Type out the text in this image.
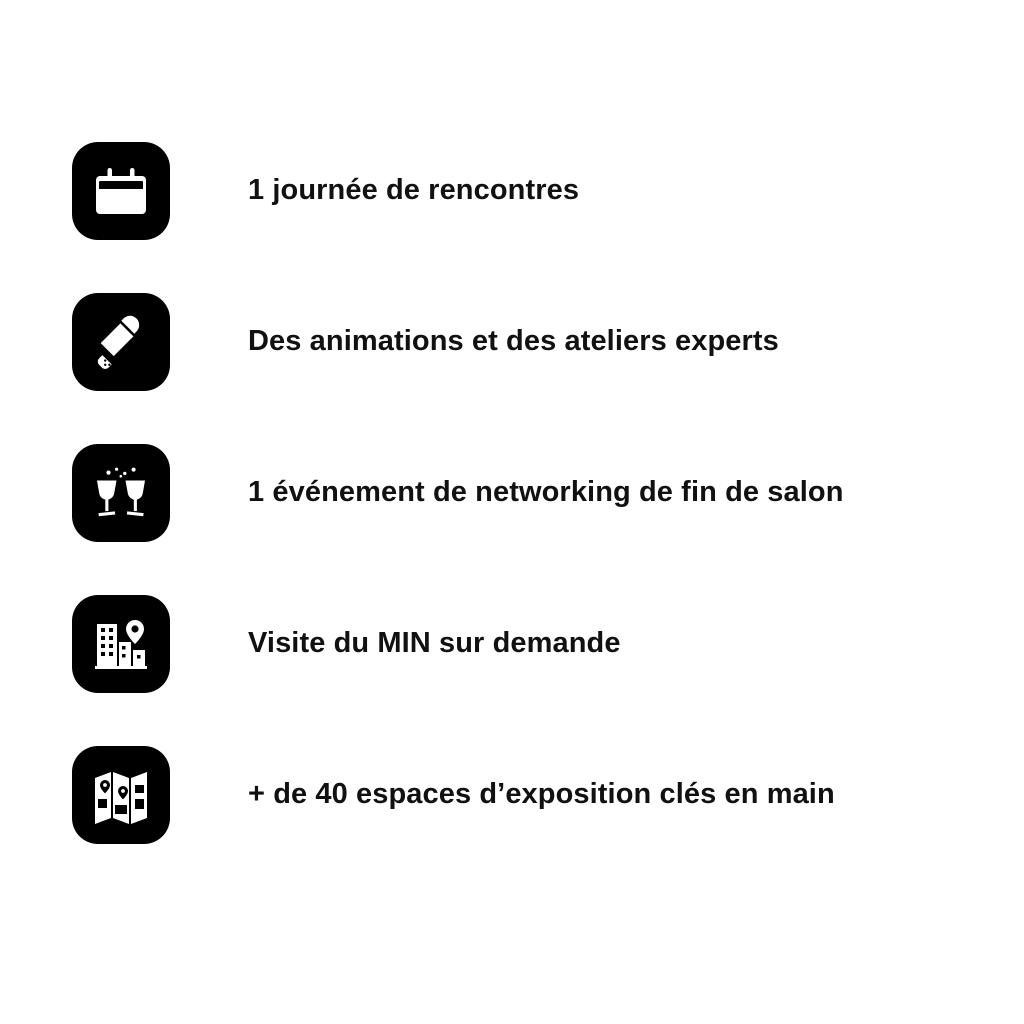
1 journée de rencontres
Des animations et des ateliers experts
1 événement de networking de fin de salon
Visite du MIN sur demande
+ de 40 espaces d’exposition clés en main
